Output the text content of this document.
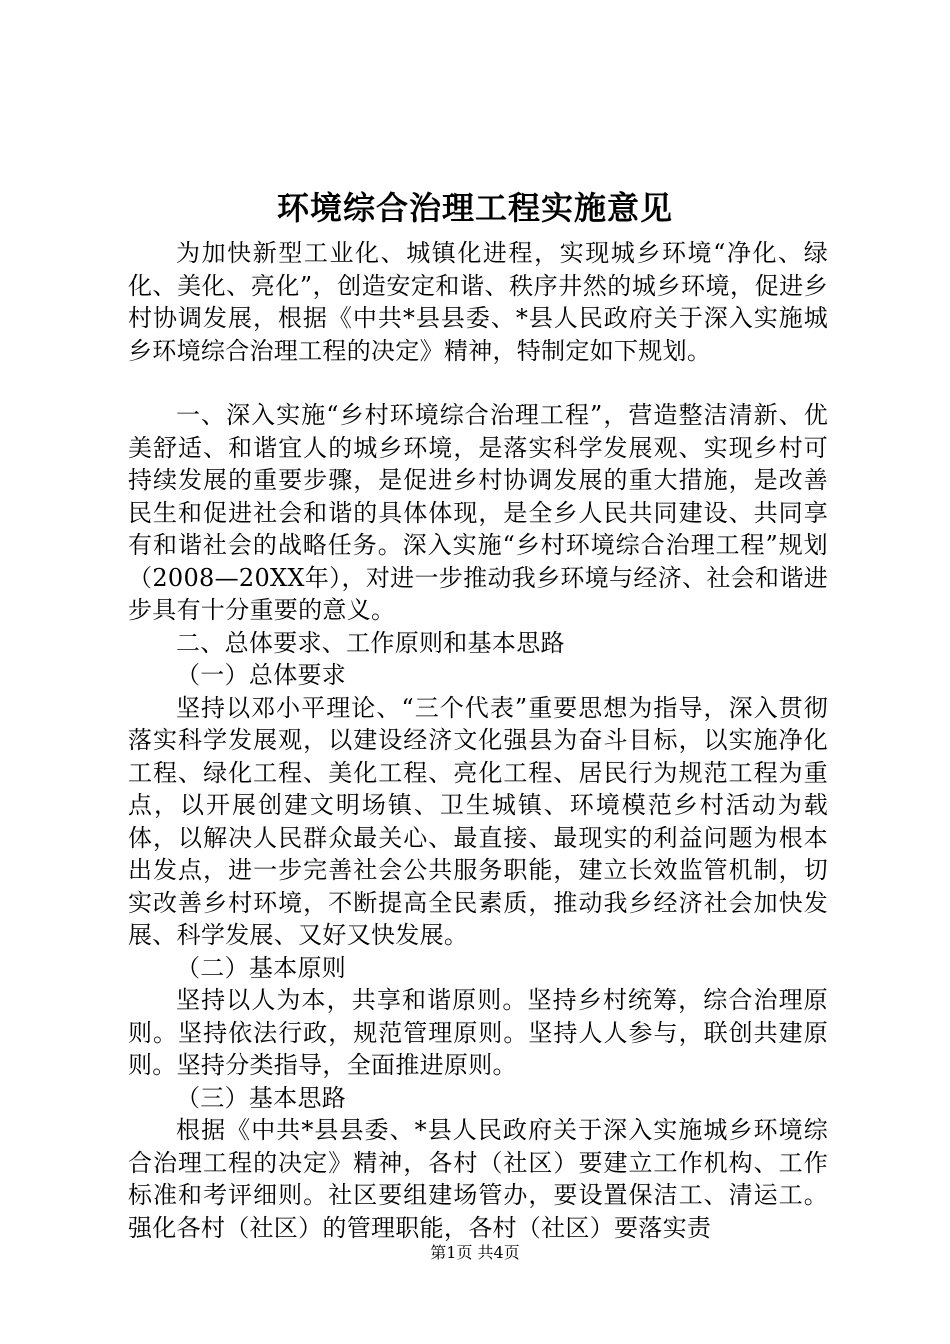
环境综合治理工程实施意见

为加快新型工业化、城镇化进程，实现城乡环境“净化、绿化、美化、亮化”，创造安定和谐、秩序井然的城乡环境，促进乡村协调发展，根据《中共*县县委、*县人民政府关于深入实施城乡环境综合治理工程的决定》精神，特制定如下规划。

一、深入实施“乡村环境综合治理工程”，营造整洁清新、优美舒适、和谐宜人的城乡环境，是落实科学发展观、实现乡村可持续发展的重要步骤，是促进乡村协调发展的重大措施，是改善民生和促进社会和谐的具体体现，是全乡人民共同建设、共同享有和谐社会的战略任务。深入实施“乡村环境综合治理工程”规划（2008—20XX年），对进一步推动我乡环境与经济、社会和谐进步具有十分重要的意义。

二、总体要求、工作原则和基本思路

（一）总体要求

坚持以邓小平理论、“三个代表”重要思想为指导，深入贯彻落实科学发展观，以建设经济文化强县为奋斗目标，以实施净化工程、绿化工程、美化工程、亮化工程、居民行为规范工程为重点，以开展创建文明场镇、卫生城镇、环境模范乡村活动为载体，以解决人民群众最关心、最直接、最现实的利益问题为根本出发点，进一步完善社会公共服务职能，建立长效监管机制，切实改善乡村环境，不断提高全民素质，推动我乡经济社会加快发展、科学发展、又好又快发展。

（二）基本原则

坚持以人为本，共享和谐原则。坚持乡村统筹，综合治理原则。坚持依法行政，规范管理原则。坚持人人参与，联创共建原则。坚持分类指导，全面推进原则。

（三）基本思路

根据《中共*县县委、*县人民政府关于深入实施城乡环境综合治理工程的决定》精神，各村（社区）要建立工作机构、工作标准和考评细则。社区要组建场管办，要设置保洁工、清运工。强化各村（社区）的管理职能，各村（社区）要落实责

第1页 共4页
